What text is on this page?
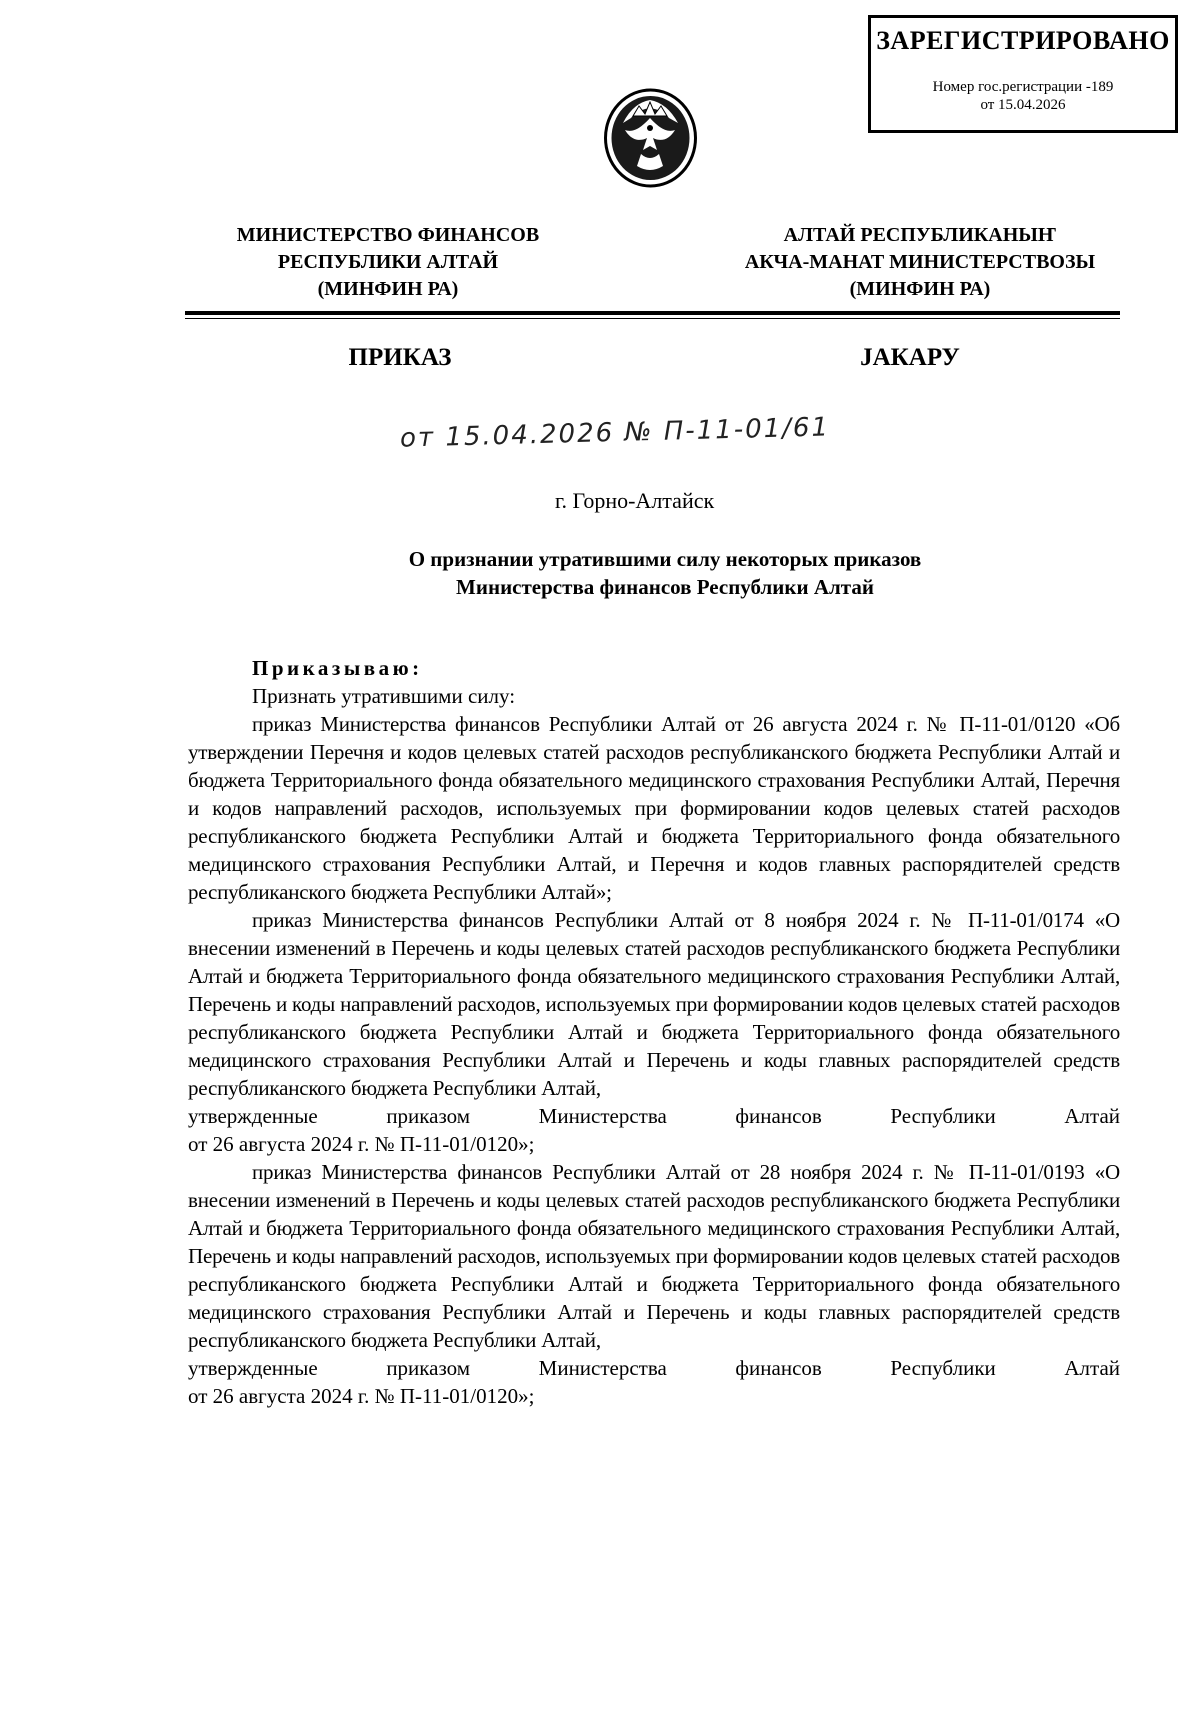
ЗАРЕГИСТРИРОВАНО
Номер гос.регистрации -189
от 15.04.2026
МИНИСТЕРСТВО ФИНАНСОВ
РЕСПУБЛИКИ АЛТАЙ
(МИНФИН РА)
АЛТАЙ РЕСПУБЛИКАНЫҤ
АКЧА-МАНАТ МИНИСТЕРСТВОЗЫ
(МИНФИН РА)
ПРИКАЗ	ЈАКАРУ
от 15.04.2026 № П-11-01/61
г. Горно-Алтайск
О признании утратившими силу некоторых приказов
Министерства финансов Республики Алтай

Приказываю:

Признать утратившими силу:

приказ Министерства финансов Республики Алтай от 26 августа 2024 г. № П-11-01/0120 «Об утверждении Перечня и кодов целевых статей расходов республиканского бюджета Республики Алтай и бюджета Территориального фонда обязательного медицинского страхования Республики Алтай, Перечня и кодов направлений расходов, используемых при формировании кодов целевых статей расходов республиканского бюджета Республики Алтай и бюджета Территориального фонда обязательного медицинского страхования Республики Алтай, и Перечня и кодов главных распорядителей средств республиканского бюджета Республики Алтай»;

приказ Министерства финансов Республики Алтай от 8 ноября 2024 г. № П-11-01/0174 «О внесении изменений в Перечень и коды целевых статей расходов республиканского бюджета Республики Алтай и бюджета Территориального фонда обязательного медицинского страхования Республики Алтай, Перечень и коды направлений расходов, используемых при формировании кодов целевых статей расходов республиканского бюджета Республики Алтай и бюджета Территориального фонда обязательного медицинского страхования Республики Алтай и Перечень и коды главных распорядителей средств республиканского бюджета Республики Алтай,

утвержденные	приказом	Министерства	финансов	Республики	Алтай

от 26 августа 2024 г. № П-11-01/0120»;

приказ Министерства финансов Республики Алтай от 28 ноября 2024 г. № П-11-01/0193 «О внесении изменений в Перечень и коды целевых статей расходов республиканского бюджета Республики Алтай и бюджета Территориального фонда обязательного медицинского страхования Республики Алтай, Перечень и коды направлений расходов, используемых при формировании кодов целевых статей расходов республиканского бюджета Республики Алтай и бюджета Территориального фонда обязательного медицинского страхования Республики Алтай и Перечень и коды главных распорядителей средств республиканского бюджета Республики Алтай,

утвержденные	приказом	Министерства	финансов	Республики	Алтай

от 26 августа 2024 г. № П-11-01/0120»;
